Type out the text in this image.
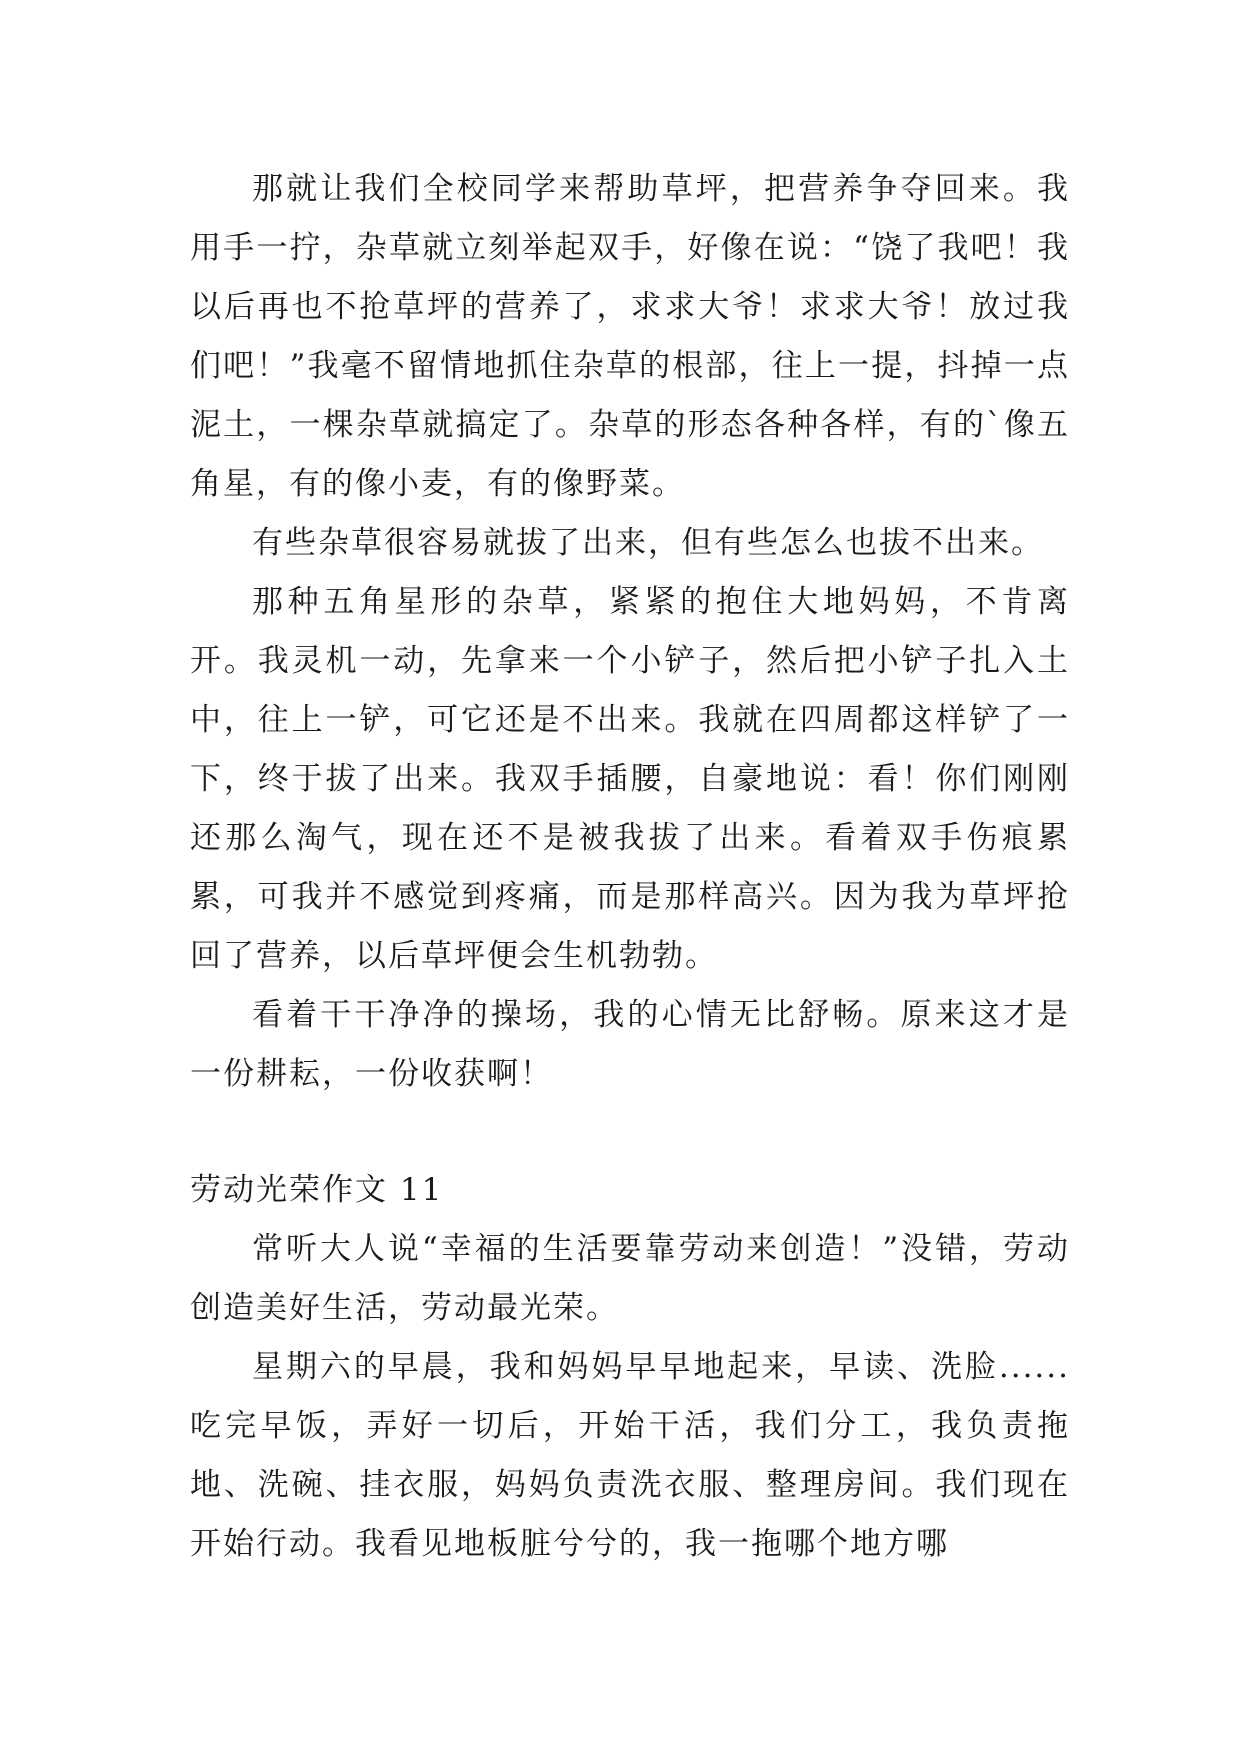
那就让我们全校同学来帮助草坪，把营养争夺回来。我用手一拧，杂草就立刻举起双手，好像在说：“饶了我吧！我以后再也不抢草坪的营养了，求求大爷！求求大爷！放过我们吧！”我毫不留情地抓住杂草的根部，往上一提，抖掉一点泥土，一棵杂草就搞定了。杂草的形态各种各样，有的`像五角星，有的像小麦，有的像野菜。

有些杂草很容易就拔了出来，但有些怎么也拔不出来。

那种五角星形的杂草，紧紧的抱住大地妈妈，不肯离开。我灵机一动，先拿来一个小铲子，然后把小铲子扎入土中，往上一铲，可它还是不出来。我就在四周都这样铲了一下，终于拔了出来。我双手插腰，自豪地说：看！你们刚刚还那么淘气，现在还不是被我拔了出来。看着双手伤痕累累，可我并不感觉到疼痛，而是那样高兴。因为我为草坪抢回了营养，以后草坪便会生机勃勃。

看着干干净净的操场，我的心情无比舒畅。原来这才是一份耕耘，一份收获啊！

劳动光荣作文 11

常听大人说“幸福的生活要靠劳动来创造！”没错，劳动创造美好生活，劳动最光荣。

星期六的早晨，我和妈妈早早地起来，早读、洗脸......吃完早饭，弄好一切后，开始干活，我们分工，我负责拖地、洗碗、挂衣服，妈妈负责洗衣服、整理房间。我们现在开始行动。我看见地板脏兮兮的，我一拖哪个地方哪
